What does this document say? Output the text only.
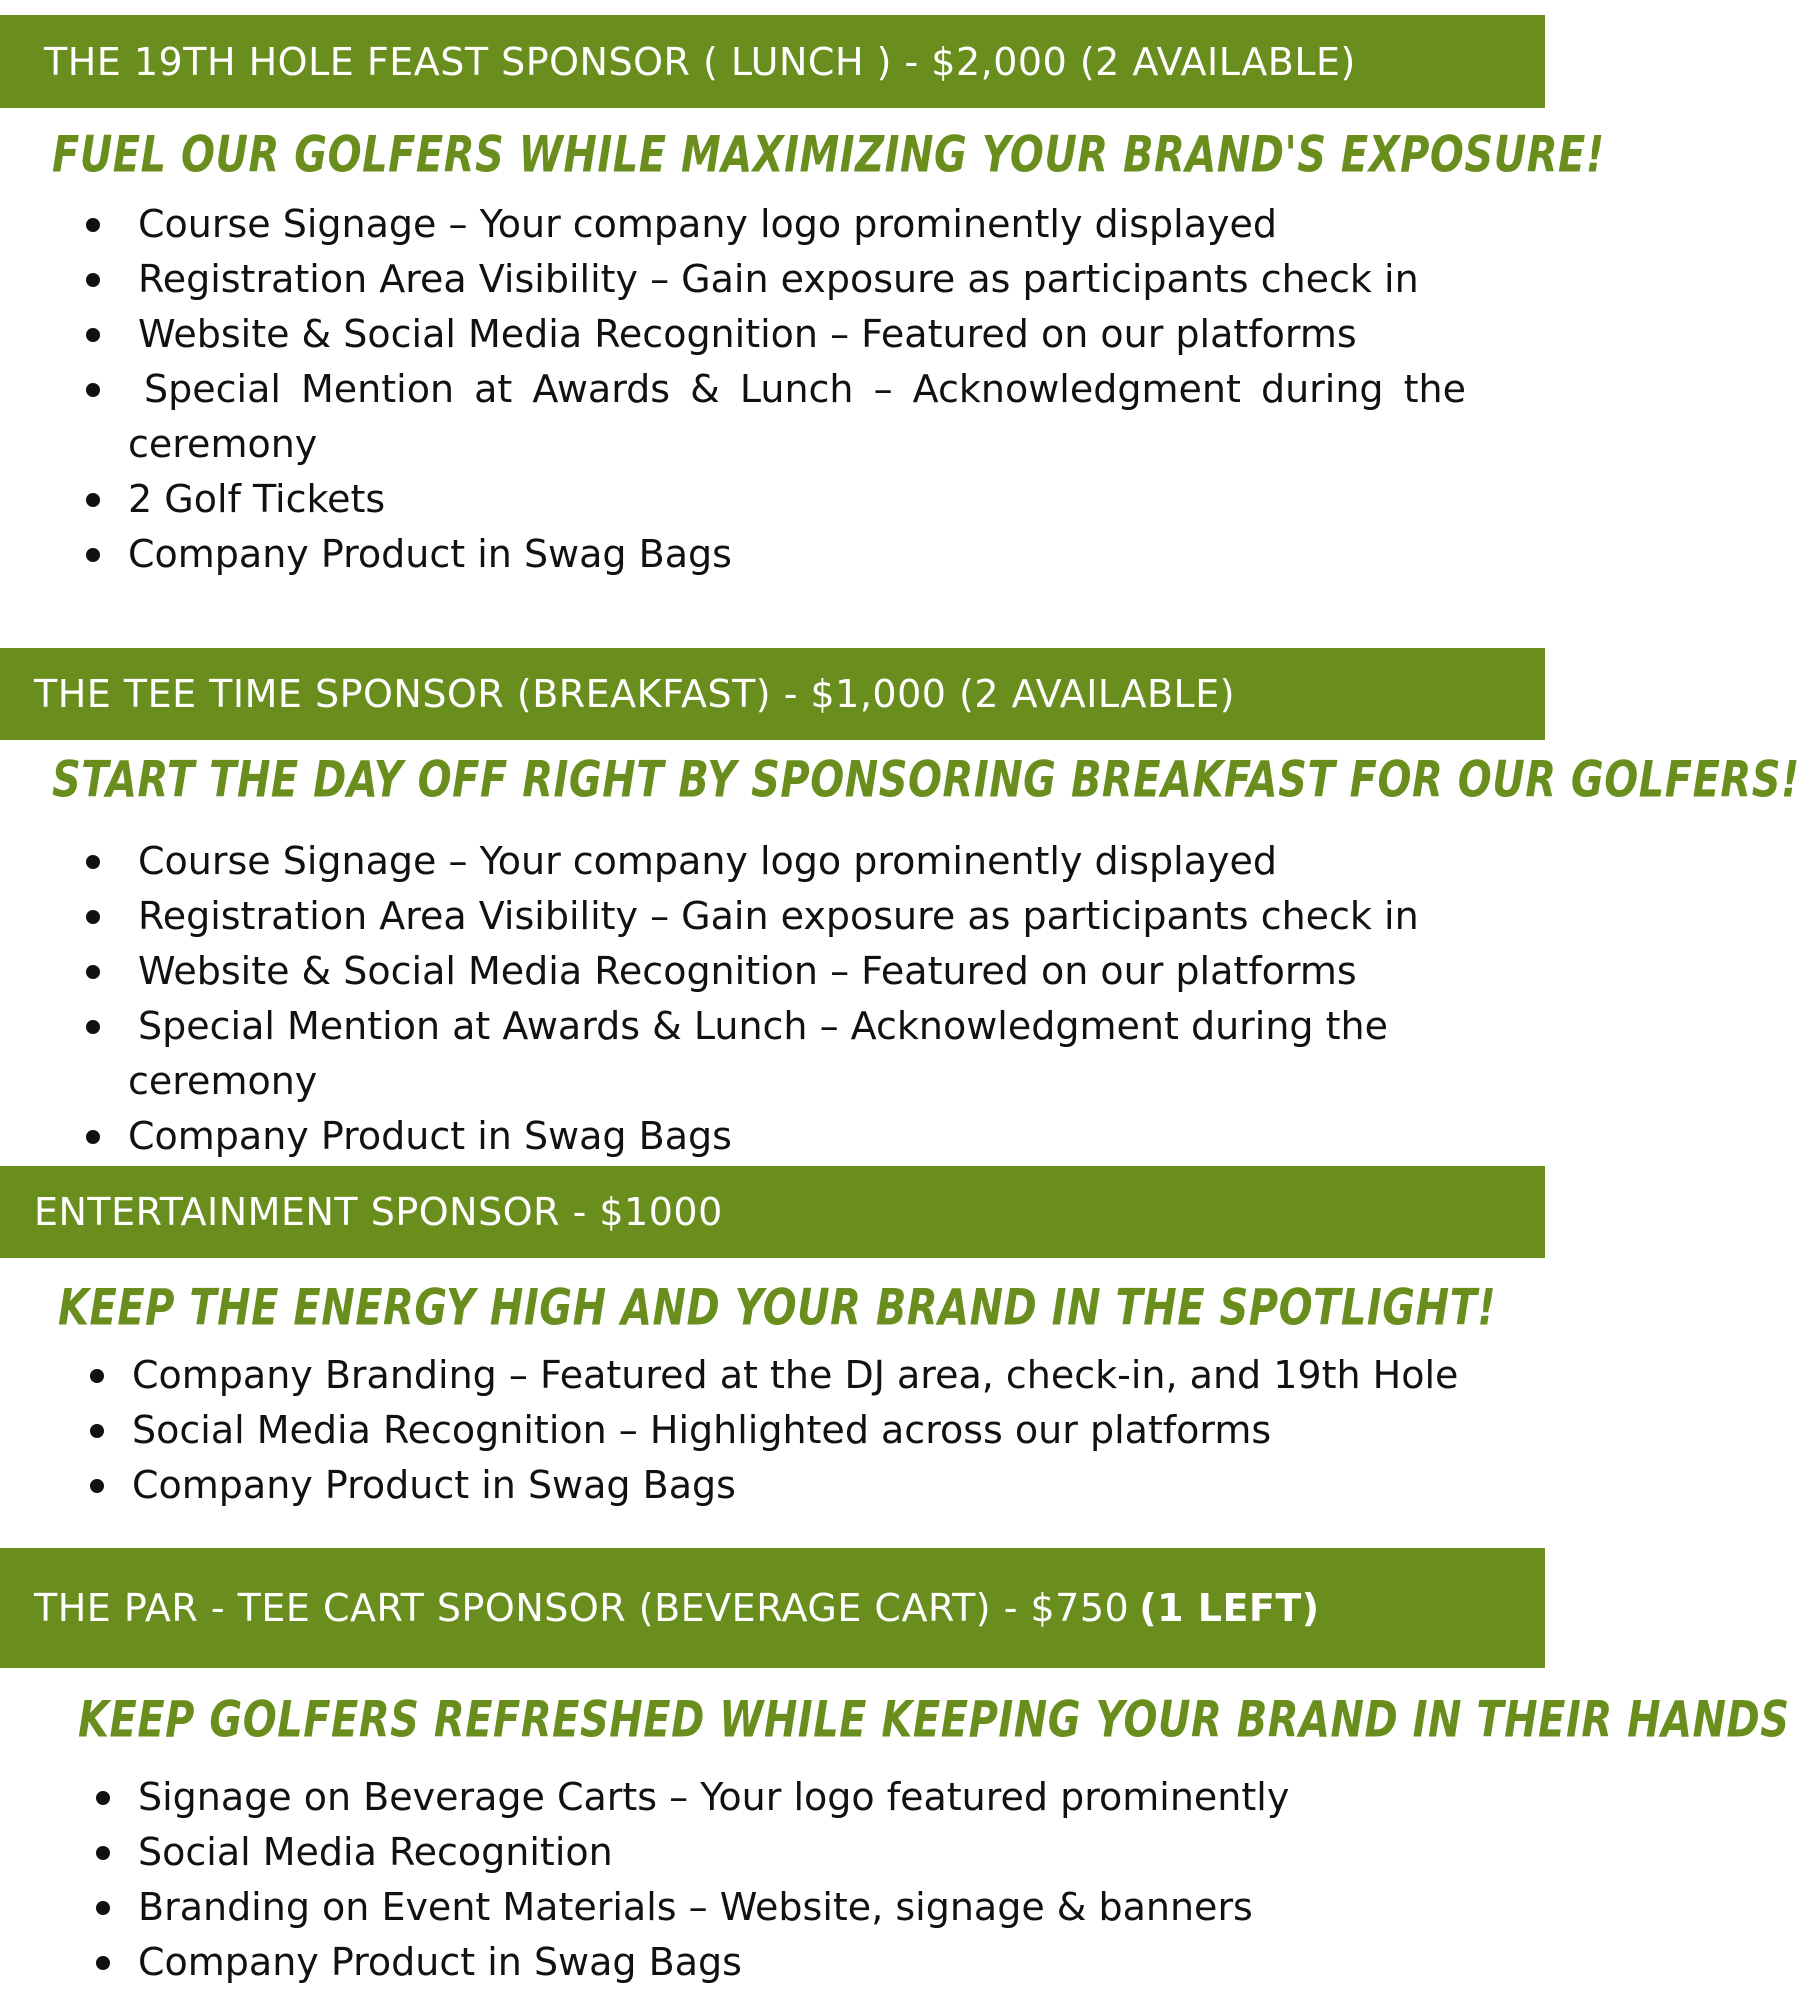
THE 19TH HOLE FEAST SPONSOR ( LUNCH ) - $2,000 (2 AVAILABLE)
FUEL OUR GOLFERS WHILE MAXIMIZING YOUR BRAND'S EXPOSURE!
Course Signage – Your company logo prominently displayed
Registration Area Visibility – Gain exposure as participants check in
Website & Social Media Recognition – Featured on our platforms
Special Mention at Awards & Lunch – Acknowledgment during the
ceremony
2 Golf Tickets
Company Product in Swag Bags
THE TEE TIME SPONSOR (BREAKFAST) - $1,000 (2 AVAILABLE)
START THE DAY OFF RIGHT BY SPONSORING BREAKFAST FOR OUR GOLFERS!
Course Signage – Your company logo prominently displayed
Registration Area Visibility – Gain exposure as participants check in
Website & Social Media Recognition – Featured on our platforms
Special Mention at Awards & Lunch – Acknowledgment during the
ceremony
Company Product in Swag Bags
ENTERTAINMENT SPONSOR - $1000
KEEP THE ENERGY HIGH AND YOUR BRAND IN THE SPOTLIGHT!
Company Branding – Featured at the DJ area, check-in, and 19th Hole
Social Media Recognition – Highlighted across our platforms
Company Product in Swag Bags
THE PAR - TEE CART SPONSOR (BEVERAGE CART) - $750 (1 LEFT)
KEEP GOLFERS REFRESHED WHILE KEEPING YOUR BRAND IN THEIR HANDS
Signage on Beverage Carts – Your logo featured prominently
Social Media Recognition
Branding on Event Materials – Website, signage & banners
Company Product in Swag Bags
